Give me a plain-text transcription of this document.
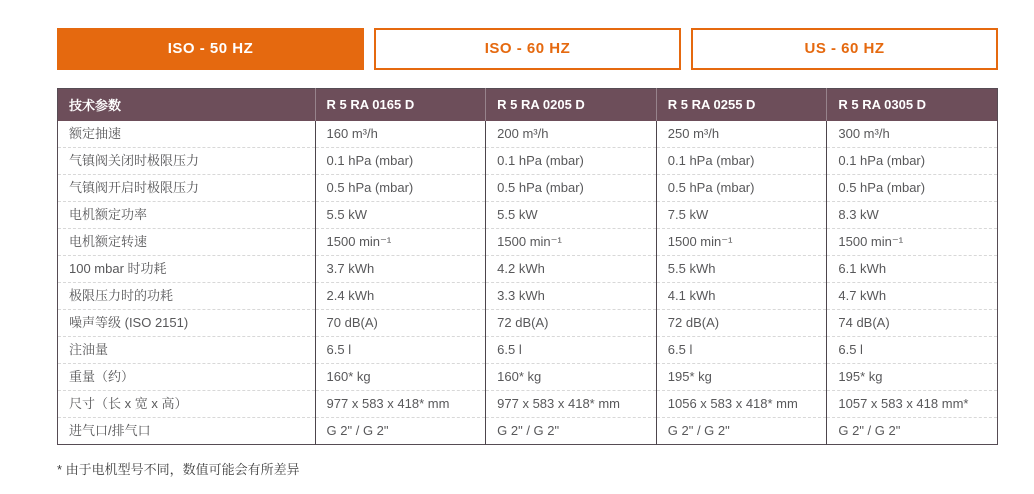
ISO - 50 HZ	ISO - 60 HZ	US - 60 HZ
技术参数	R 5 RA 0165 D	R 5 RA 0205 D	R 5 RA 0255 D	R 5 RA 0305 D
额定抽速	160 m³/h	200 m³/h	250 m³/h	300 m³/h
气镇阀关闭时极限压力	0.1 hPa (mbar)	0.1 hPa (mbar)	0.1 hPa (mbar)	0.1 hPa (mbar)
气镇阀开启时极限压力	0.5 hPa (mbar)	0.5 hPa (mbar)	0.5 hPa (mbar)	0.5 hPa (mbar)
电机额定功率	5.5 kW	5.5 kW	7.5 kW	8.3 kW
电机额定转速	1500 min⁻¹	1500 min⁻¹	1500 min⁻¹	1500 min⁻¹
100 mbar 时功耗	3.7 kWh	4.2 kWh	5.5 kWh	6.1 kWh
极限压力时的功耗	2.4 kWh	3.3 kWh	4.1 kWh	4.7 kWh
噪声等级 (ISO 2151)	70 dB(A)	72 dB(A)	72 dB(A)	74 dB(A)
注油量	6.5 l	6.5 l	6.5 l	6.5 l
重量（约）	160* kg	160* kg	195* kg	195* kg
尺寸（长 x 宽 x 高）	977 x 583 x 418* mm	977 x 583 x 418* mm	1056 x 583 x 418* mm	1057 x 583 x 418 mm*
进气口/排气口	G 2" / G 2"	G 2" / G 2"	G 2" / G 2"	G 2" / G 2"
* 由于电机型号不同，数值可能会有所差异
